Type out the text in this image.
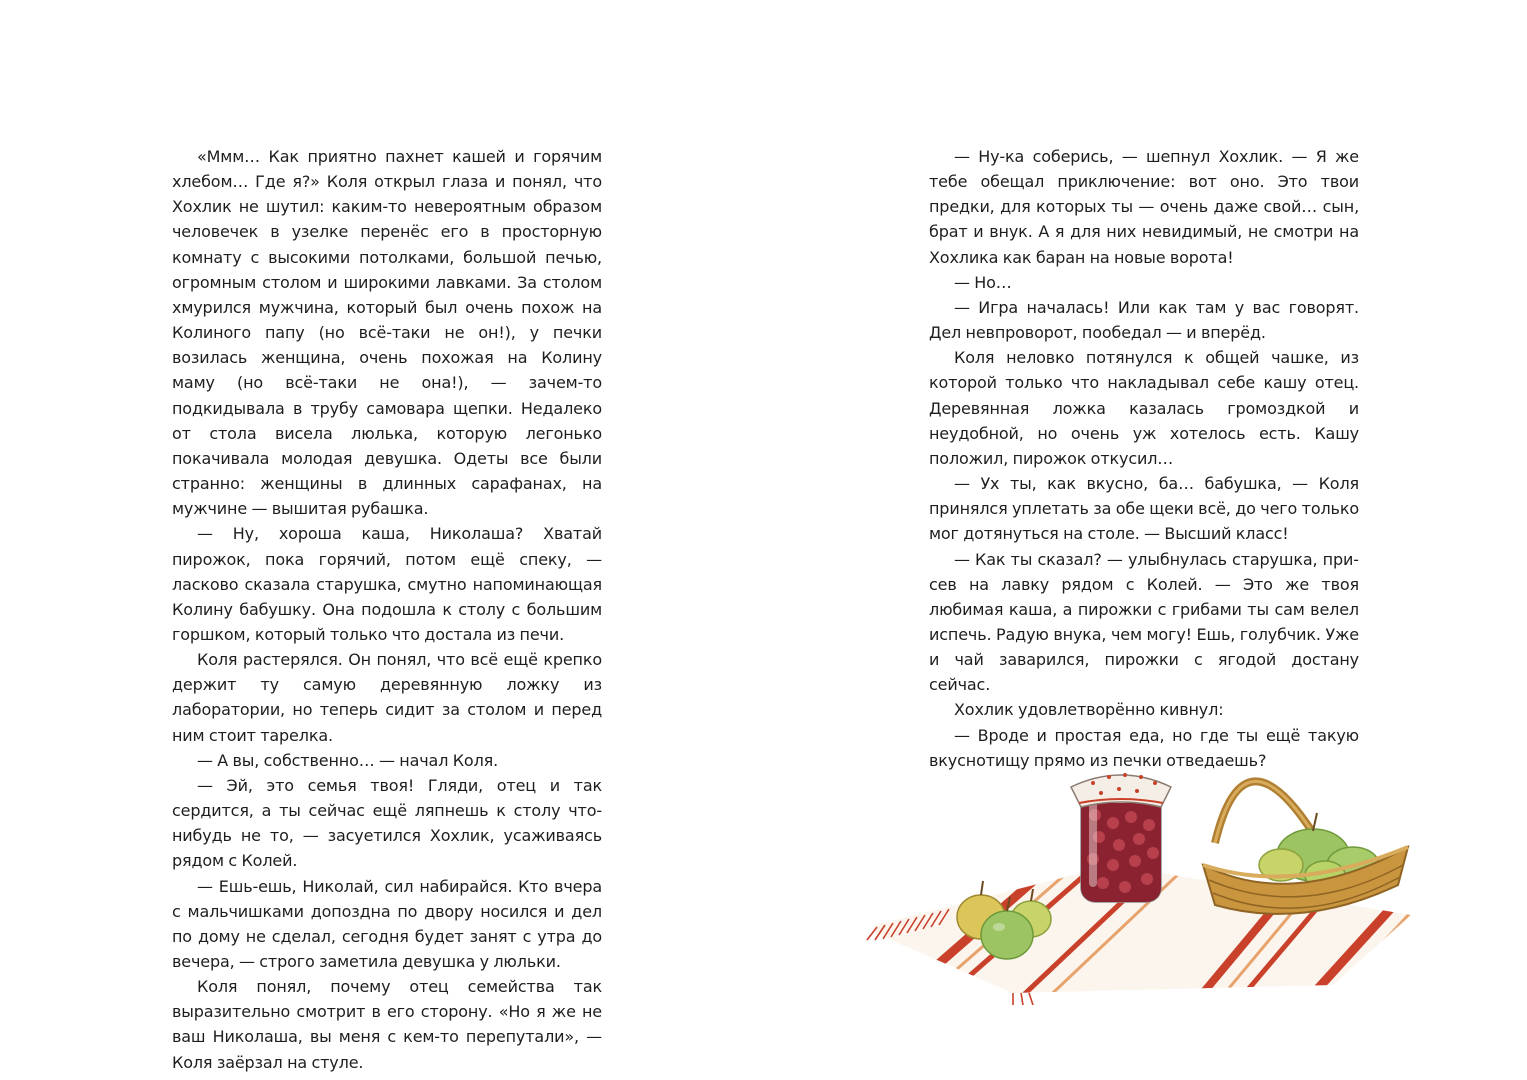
«Ммм… Как приятно пахнет кашей и горячим хлебом… Где я?» Коля открыл глаза и понял, что Хохлик не шутил: каким-то невероятным образом человечек в узелке перенёс его в просторную комнату с высокими потолками, большой печью, огромным столом и широкими лавками. За столом хмурился мужчина, который был очень похож на Колиного папу (но всё-таки не он!), у печки возилась женщина, очень похожая на Колину маму (но всё-таки не она!), — зачем-то подкидывала в трубу самовара щепки. Недалеко от стола висела люлька, которую легонько покачивала молодая девушка. Одеты все были странно: женщины в длинных сарафанах, на мужчине — вышитая рубашка.

— Ну, хороша каша, Николаша? Хватай пирожок, пока горячий, потом ещё спеку, — ласково сказала старушка, смутно напоминающая Колину бабушку. Она подошла к столу с большим горшком, который только что достала из печи.

Коля растерялся. Он понял, что всё ещё крепко держит ту самую деревянную ложку из лаборатории, но теперь сидит за столом и перед ним стоит тарелка.

— А вы, собственно… — начал Коля.

— Эй, это семья твоя! Гляди, отец и так сердится, а ты сейчас ещё ляпнешь к столу что-нибудь не то, — засуетился Хохлик, усаживаясь рядом с Колей.

— Ешь-ешь, Николай, сил набирайся. Кто вчера с мальчишками допоздна по двору носился и дел по дому не сделал, сегодня будет занят с утра до вечера, — строго заметила девушка у люльки.

Коля понял, почему отец семейства так выразительно смотрит в его сторону. «Но я же не ваш Николаша, вы меня с кем-то перепутали», — Коля заёрзал на стуле.

— Ну-ка соберись, — шепнул Хохлик. — Я же тебе обещал приключение: вот оно. Это твои предки, для которых ты — очень даже свой… сын, брат и внук. А я для них невидимый, не смотри на Хохлика как баран на новые ворота!

— Но…

— Игра началась! Или как там у вас говорят. Дел невпроворот, пообедал — и вперёд.

Коля неловко потянулся к общей чашке, из которой только что накладывал себе кашу отец. Деревянная ложка казалась громоздкой и неудобной, но очень уж хотелось есть. Кашу положил, пирожок откусил…

— Ух ты, как вкусно, ба… бабушка, — Коля принялся уплетать за обе щеки всё, до чего только мог дотянуться на столе. — Высший класс!

— Как ты сказал? — улыбнулась старушка, присев на лавку рядом с Колей. — Это же твоя любимая каша, а пирожки с грибами ты сам велел испечь. Радую внука, чем могу! Ешь, голубчик. Уже и чай заварился, пирожки с ягодой достану сейчас.

Хохлик удовлетворённо кивнул:

— Вроде и простая еда, но где ты ещё такую вкуснoтищу прямо из печки отведаешь?
